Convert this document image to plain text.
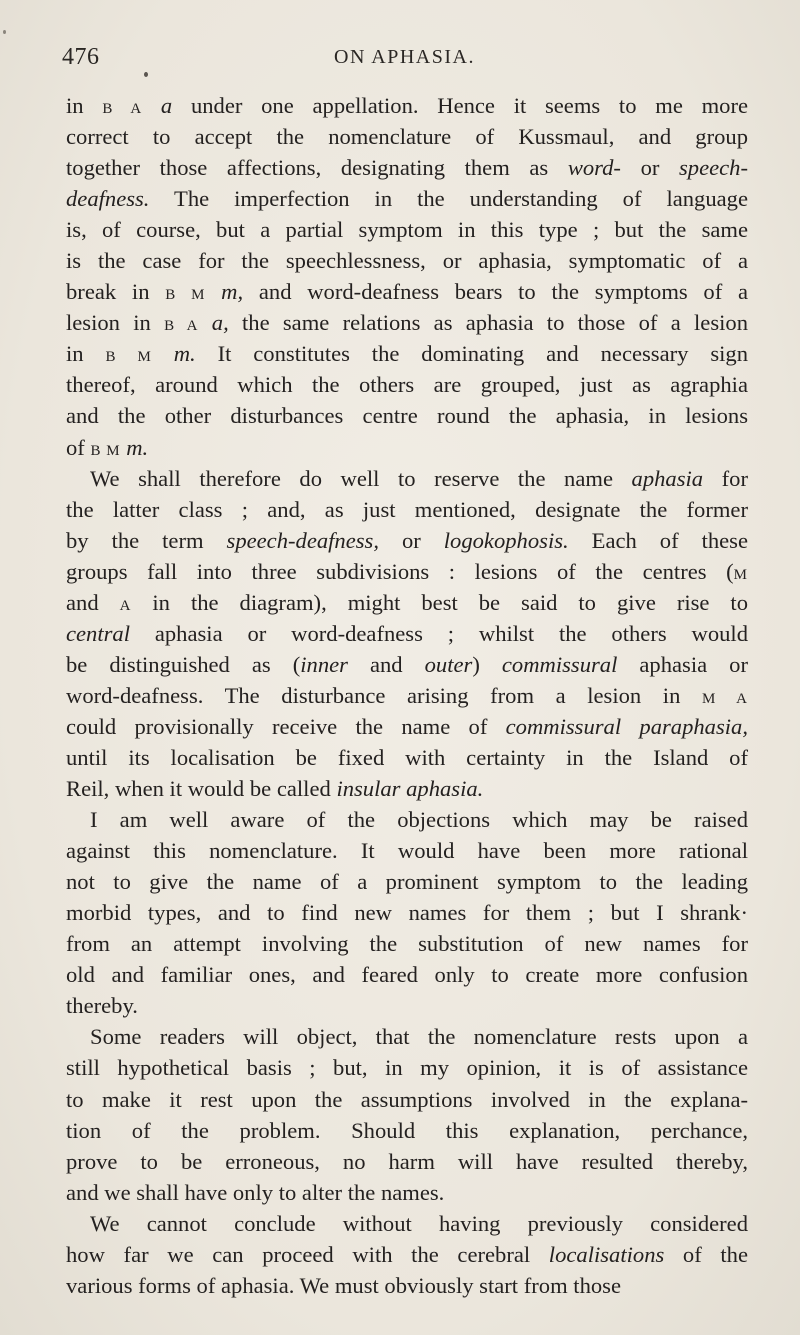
476	ON APHASIA.
in B A a under one appellation. Hence it seems to me more
correct to accept the nomenclature of Kussmaul, and group
together those affections, designating them as word- or speech-
deafness. The imperfection in the understanding of language
is, of course, but a partial symptom in this type ; but the same
is the case for the speechlessness, or aphasia, symptomatic of a
break in B M m, and word-deafness bears to the symptoms of a
lesion in B A a, the same relations as aphasia to those of a lesion
in B M m. It constitutes the dominating and necessary sign
thereof, around which the others are grouped, just as agraphia
and the other disturbances centre round the aphasia, in lesions
of B M m.
We shall therefore do well to reserve the name aphasia for
the latter class ; and, as just mentioned, designate the former
by the term speech-deafness, or logokophosis. Each of these
groups fall into three subdivisions : lesions of the centres (M
and A in the diagram), might best be said to give rise to
central aphasia or word-deafness ; whilst the others would
be distinguished as (inner and outer) commissural aphasia or
word-deafness. The disturbance arising from a lesion in M A
could provisionally receive the name of commissural paraphasia,
until its localisation be fixed with certainty in the Island of
Reil, when it would be called insular aphasia.
I am well aware of the objections which may be raised
against this nomenclature. It would have been more rational
not to give the name of a prominent symptom to the leading
morbid types, and to find new names for them ; but I shrank·
from an attempt involving the substitution of new names for
old and familiar ones, and feared only to create more confusion
thereby.
Some readers will object, that the nomenclature rests upon a
still hypothetical basis ; but, in my opinion, it is of assistance
to make it rest upon the assumptions involved in the explana-
tion of the problem. Should this explanation, perchance,
prove to be erroneous, no harm will have resulted thereby,
and we shall have only to alter the names.
We cannot conclude without having previously considered
how far we can proceed with the cerebral localisations of the
various forms of aphasia. We must obviously start from those
